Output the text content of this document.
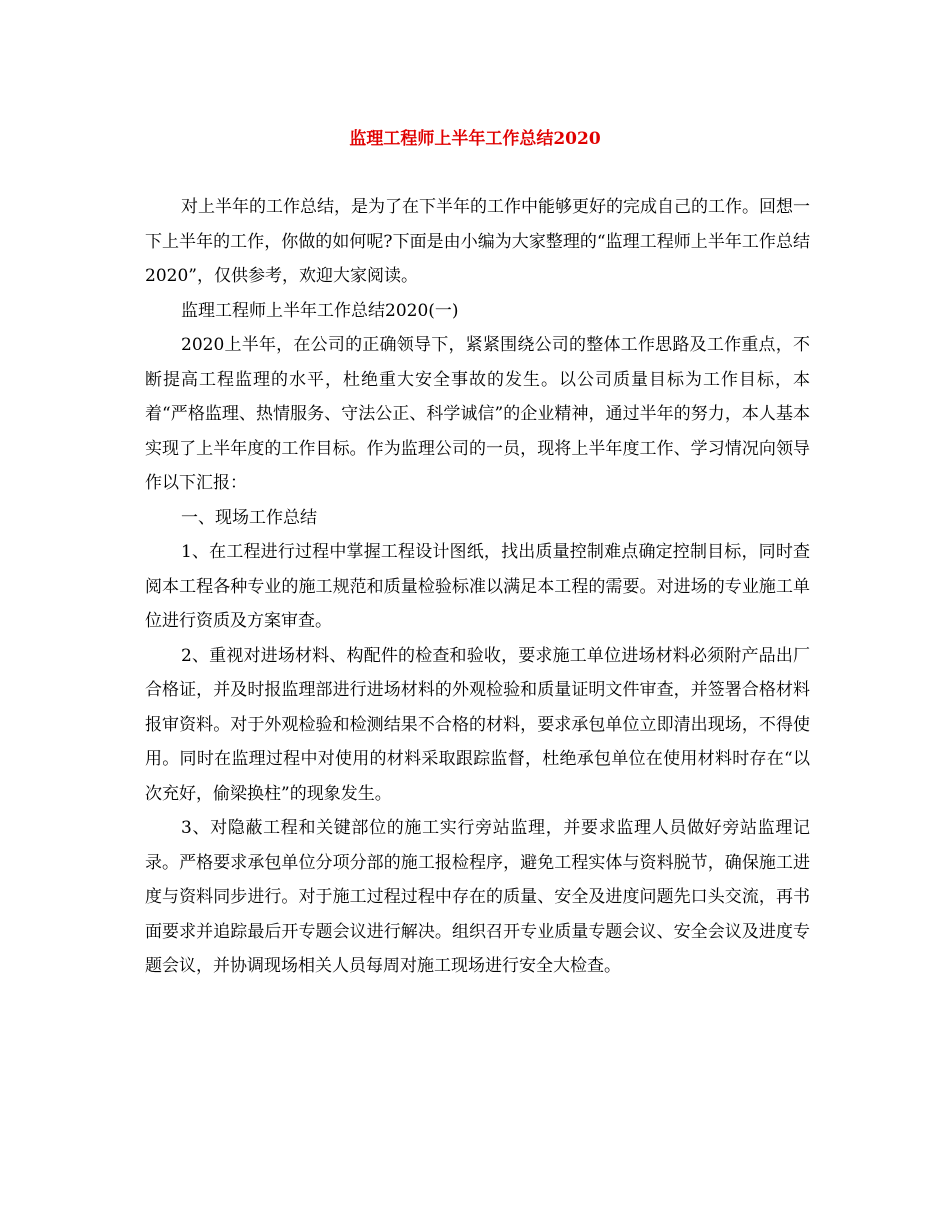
监理工程师上半年工作总结2020

对上半年的工作总结，是为了在下半年的工作中能够更好的完成自己的工作。回想一下上半年的工作，你做的如何呢?下面是由小编为大家整理的“监理工程师上半年工作总结2020”，仅供参考，欢迎大家阅读。

监理工程师上半年工作总结2020(一)

2020上半年，在公司的正确领导下，紧紧围绕公司的整体工作思路及工作重点，不断提高工程监理的水平，杜绝重大安全事故的发生。以公司质量目标为工作目标，本着“严格监理、热情服务、守法公正、科学诚信”的企业精神，通过半年的努力，本人基本实现了上半年度的工作目标。作为监理公司的一员，现将上半年度工作、学习情况向领导作以下汇报：

一、现场工作总结

1、在工程进行过程中掌握工程设计图纸，找出质量控制难点确定控制目标，同时查阅本工程各种专业的施工规范和质量检验标准以满足本工程的需要。对进场的专业施工单位进行资质及方案审查。

2、重视对进场材料、构配件的检查和验收，要求施工单位进场材料必须附产品出厂合格证，并及时报监理部进行进场材料的外观检验和质量证明文件审查，并签署合格材料报审资料。对于外观检验和检测结果不合格的材料，要求承包单位立即清出现场，不得使用。同时在监理过程中对使用的材料采取跟踪监督，杜绝承包单位在使用材料时存在“以次充好，偷梁换柱”的现象发生。

3、对隐蔽工程和关键部位的施工实行旁站监理，并要求监理人员做好旁站监理记录。严格要求承包单位分项分部的施工报检程序，避免工程实体与资料脱节，确保施工进度与资料同步进行。对于施工过程过程中存在的质量、安全及进度问题先口头交流，再书面要求并追踪最后开专题会议进行解决。组织召开专业质量专题会议、安全会议及进度专题会议，并协调现场相关人员每周对施工现场进行安全大检查。
